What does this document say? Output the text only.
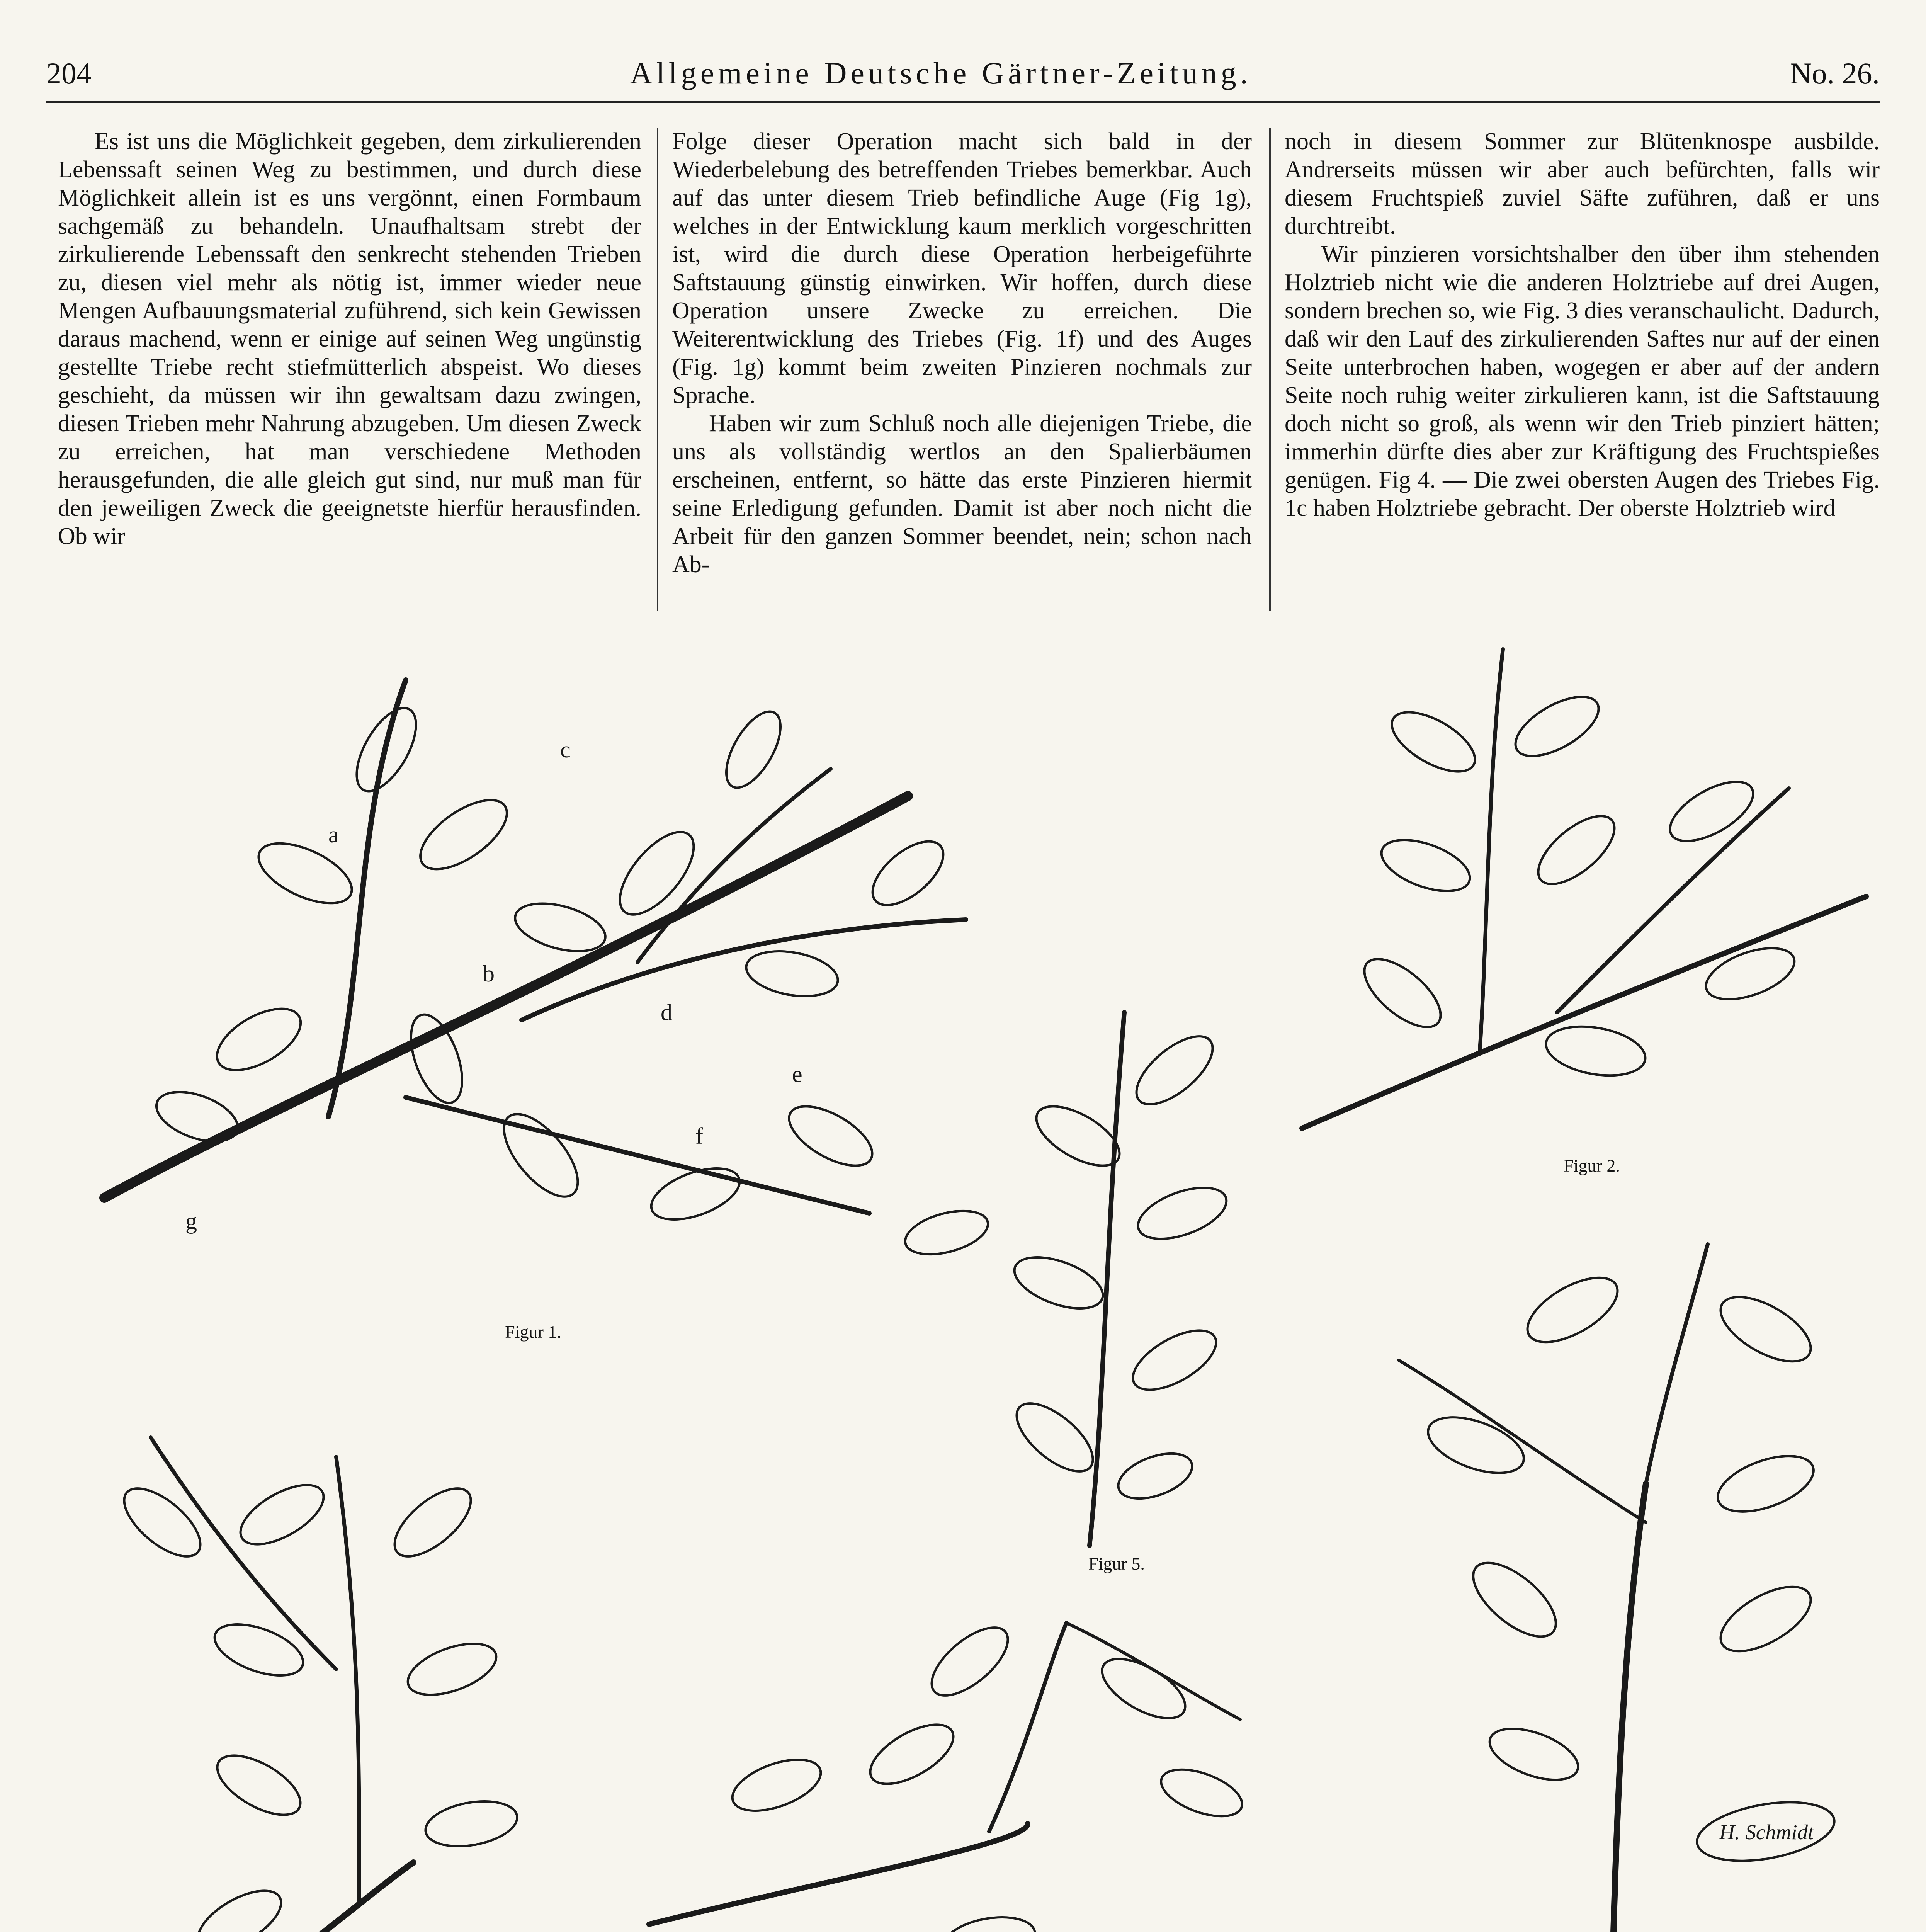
204	Allgemeine Deutsche Gärtner-Zeitung.	No. 26.

Es ist uns die Möglichkeit gegeben, dem zirkulierenden Lebenssaft seinen Weg zu bestimmen, und durch diese Möglichkeit allein ist es uns vergönnt, einen Formbaum sachgemäß zu behandeln. Unaufhaltsam strebt der zirkulierende Lebenssaft den senkrecht stehenden Trieben zu, diesen viel mehr als nötig ist, immer wieder neue Mengen Aufbauungsmaterial zuführend, sich kein Gewissen daraus machend, wenn er einige auf seinen Weg ungünstig gestellte Triebe recht stiefmütterlich abspeist. Wo dieses geschieht, da müssen wir ihn gewaltsam dazu zwingen, diesen Trieben mehr Nahrung abzugeben. Um diesen Zweck zu erreichen, hat man verschiedene Methoden herausgefunden, die alle gleich gut sind, nur muß man für den jeweiligen Zweck die geeignetste hierfür herausfinden. Ob wir

Folge dieser Operation macht sich bald in der Wiederbelebung des betreffenden Triebes bemerkbar. Auch auf das unter diesem Trieb befindliche Auge (Fig 1g), welches in der Entwicklung kaum merklich vorgeschritten ist, wird die durch diese Operation herbeigeführte Saftstauung günstig einwirken. Wir hoffen, durch diese Operation unsere Zwecke zu erreichen. Die Weiterentwicklung des Triebes (Fig. 1f) und des Auges (Fig. 1g) kommt beim zweiten Pinzieren nochmals zur Sprache.

Haben wir zum Schluß noch alle diejenigen Triebe, die uns als vollständig wertlos an den Spalierbäumen erscheinen, entfernt, so hätte das erste Pinzieren hiermit seine Erledigung gefunden. Damit ist aber noch nicht die Arbeit für den ganzen Sommer beendet, nein; schon nach Ab-

noch in diesem Sommer zur Blütenknospe ausbilde. Andrerseits müssen wir aber auch befürchten, falls wir diesem Fruchtspieß zuviel Säfte zuführen, daß er uns durchtreibt.

Wir pinzieren vorsichtshalber den über ihm stehenden Holztrieb nicht wie die anderen Holztriebe auf drei Augen, sondern brechen so, wie Fig. 3 dies veranschaulicht. Dadurch, daß wir den Lauf des zirkulierenden Saftes nur auf der einen Seite unterbrochen haben, wogegen er aber auf der andern Seite noch ruhig weiter zirkulieren kann, ist die Saftstauung doch nicht so groß, als wenn wir den Trieb pinziert hätten; immerhin dürfte dies aber zur Kräftigung des Fruchtspießes genügen. Fig 4. — Die zwei obersten Augen des Triebes Fig. 1c haben Holztriebe gebracht. Der oberste Holztrieb wird

a
b
c
d
e
f
g
Figur 1.
Figur 5.
Figur 2.
H. Schmidt
